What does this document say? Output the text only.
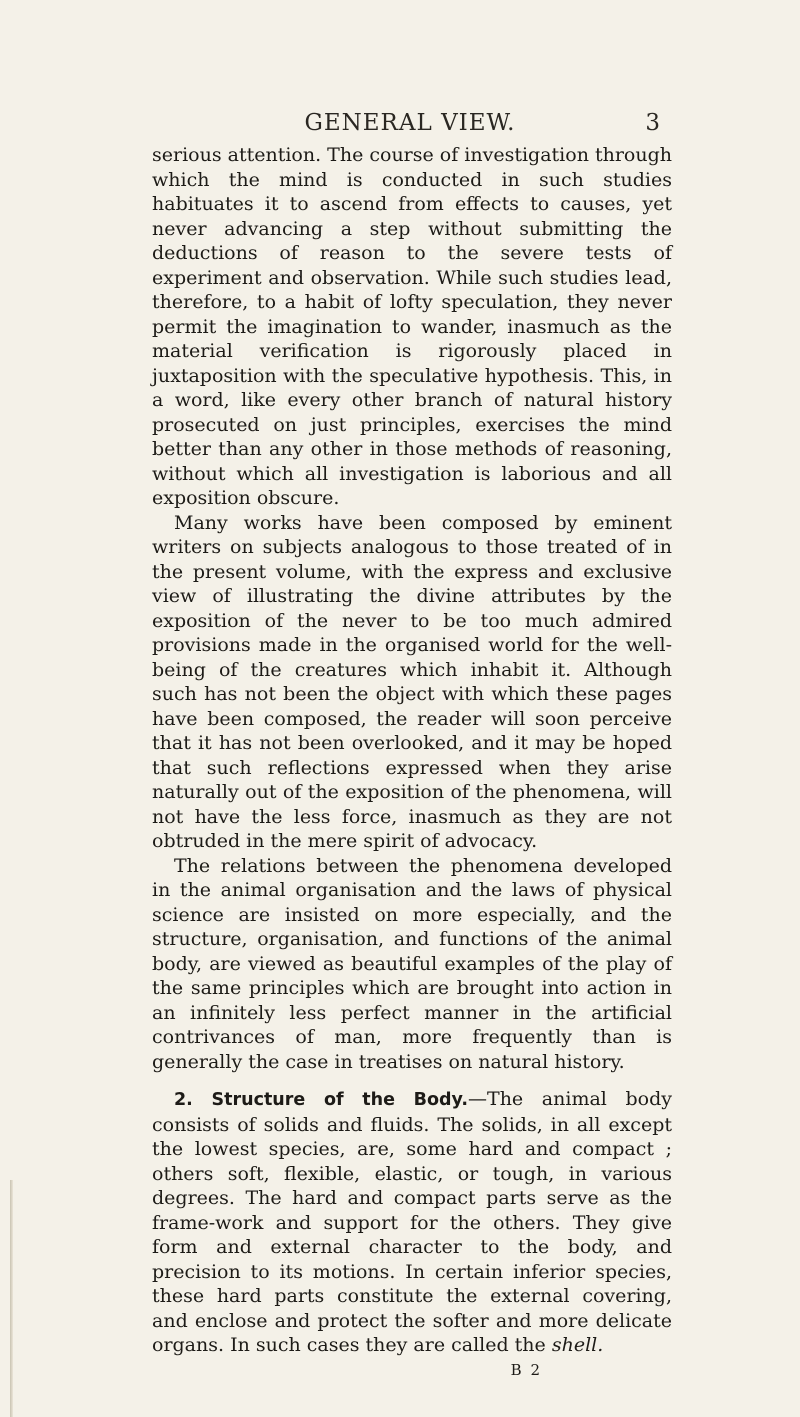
GENERAL VIEW.	3

serious attention. The course of investigation through which the mind is conducted in such studies habituates it to ascend from effects to causes, yet never advancing a step without submitting the deductions of reason to the severe tests of experiment and observation. While such studies lead, therefore, to a habit of lofty speculation, they never permit the imagination to wander, inasmuch as the material verification is rigorously placed in juxtaposition with the speculative hypothesis. This, in a word, like every other branch of natural history prosecuted on just principles, exercises the mind better than any other in those methods of reasoning, without which all investigation is laborious and all exposition obscure.

Many works have been composed by eminent writers on subjects analogous to those treated of in the present volume, with the express and exclusive view of illustrating the divine attributes by the exposition of the never to be too much admired provisions made in the organised world for the well-being of the creatures which inhabit it. Although such has not been the object with which these pages have been composed, the reader will soon perceive that it has not been overlooked, and it may be hoped that such reflections expressed when they arise naturally out of the exposition of the phenomena, will not have the less force, inasmuch as they are not obtruded in the mere spirit of advocacy.

The relations between the phenomena developed in the animal organisation and the laws of physical science are insisted on more especially, and the structure, organisation, and functions of the animal body, are viewed as beautiful examples of the play of the same principles which are brought into action in an infinitely less perfect manner in the artificial contrivances of man, more frequently than is generally the case in treatises on natural history.

2. Structure of the Body.—The animal body consists of solids and fluids. The solids, in all except the lowest species, are, some hard and compact ; others soft, flexible, elastic, or tough, in various degrees. The hard and compact parts serve as the frame-work and support for the others. They give form and external character to the body, and precision to its motions. In certain inferior species, these hard parts constitute the external covering, and enclose and protect the softer and more delicate organs. In such cases they are called the shell.

B 2
